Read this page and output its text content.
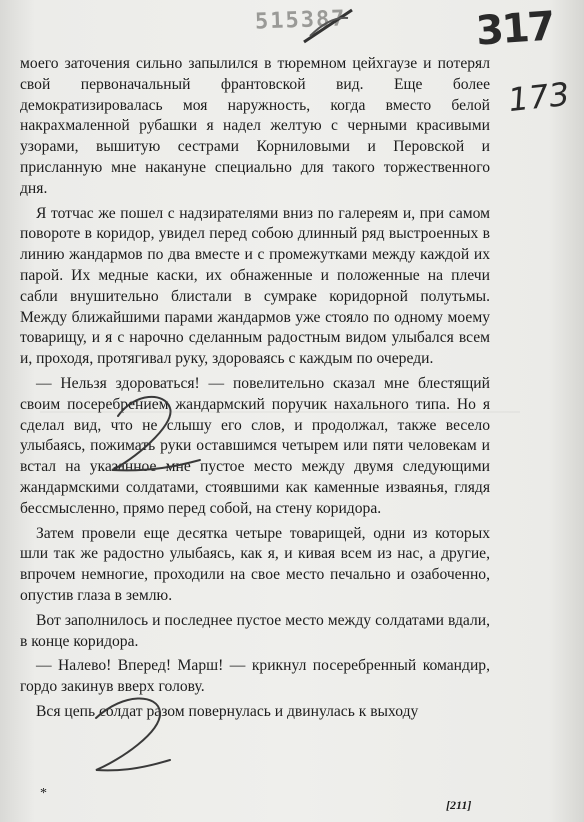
515387	317
173

моего заточения сильно запылился в тюремном цейхгаузе и потерял свой первоначальный франтовской вид. Еще более демократизировалась моя наружность, когда вместо белой накрахмаленной рубашки я надел желтую с черными красивыми узорами, вышитую сестрами Корниловыми и Перовской и присланную мне накануне специально для такого торжественного дня.

Я тотчас же пошел с надзирателями вниз по галереям и, при самом повороте в коридор, увидел перед собою длинный ряд выстроенных в линию жандармов по два вместе и с промежутками между каждой их парой. Их медные каски, их обнаженные и положенные на плечи сабли внушительно блистали в сумраке коридорной полутьмы. Между ближайшими парами жандармов уже стояло по одному моему товарищу, и я с нарочно сделанным радостным видом улыбался всем и, проходя, протягивал руку, здороваясь с каждым по очереди.

— Нельзя здороваться! — повелительно сказал мне блестящий своим посеребрением жандармский поручик нахального типа. Но я сделал вид, что не слышу его слов, и продолжал, также весело улыбаясь, пожимать руки оставшимся четырем или пяти человекам и встал на указанное мне пустое место между двумя следующими жандармскими солдатами, стоявшими как каменные изваянья, глядя бессмысленно, прямо перед собой, на стену коридора.

Затем провели еще десятка четыре товарищей, одни из которых шли так же радостно улыбаясь, как я, и кивая всем из нас, а другие, впрочем немногие, проходили на свое место печально и озабоченно, опустив глаза в землю.

Вот заполнилось и последнее пустое место между солдатами вдали, в конце коридора.

— Налево! Вперед! Марш! — крикнул посеребренный командир, гордо закинув вверх голову.

Вся цепь солдат разом повернулась и двинулась к выходу

*
[211]
